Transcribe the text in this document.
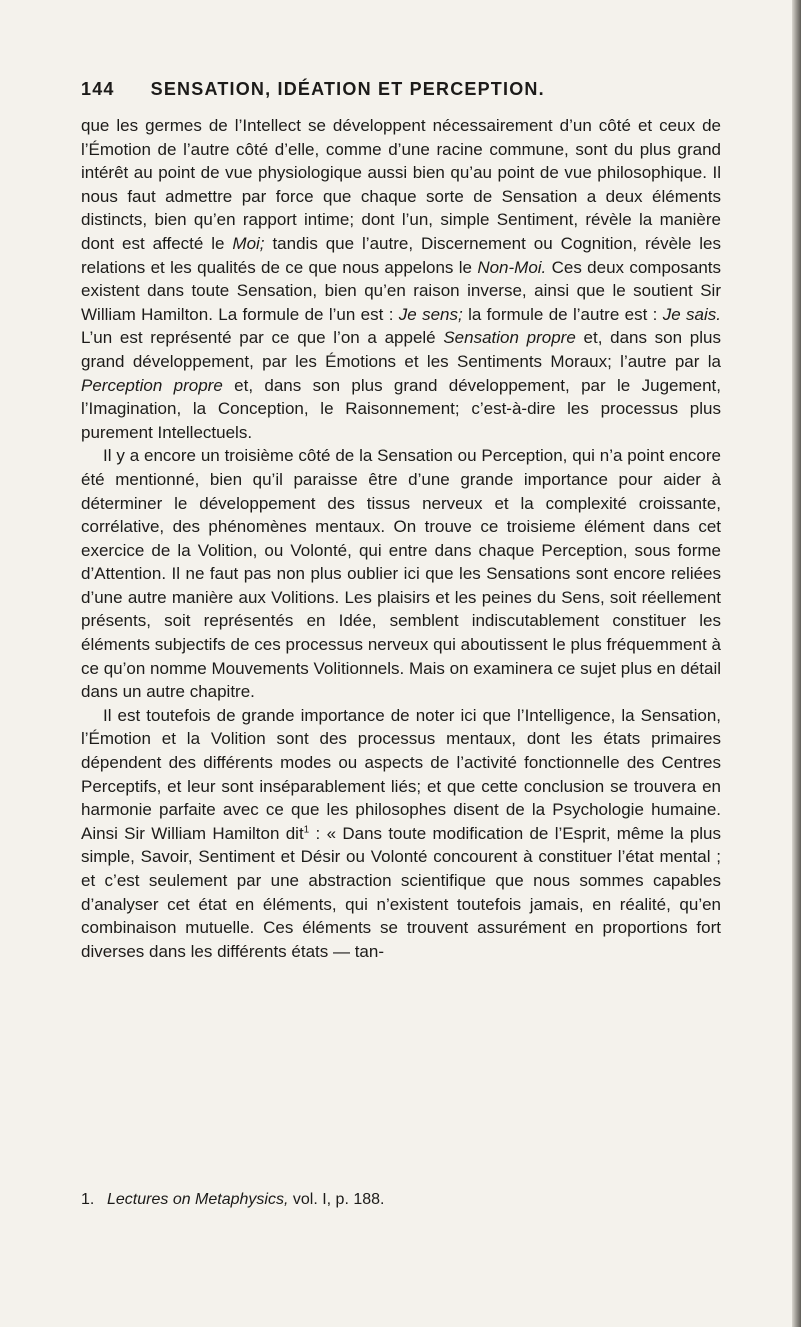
144 SENSATION, IDÉATION ET PERCEPTION.

que les germes de l’Intellect se développent nécessairement d’un côté et ceux de l’Émotion de l’autre côté d’elle, comme d’une racine commune, sont du plus grand intérêt au point de vue physiologique aussi bien qu’au point de vue philosophique. Il nous faut admettre par force que chaque sorte de Sensation a deux éléments distincts, bien qu’en rapport intime; dont l’un, simple Sentiment, révèle la manière dont est affecté le Moi; tandis que l’autre, Discernement ou Cognition, révèle les relations et les qualités de ce que nous appelons le Non-Moi. Ces deux composants existent dans toute Sensation, bien qu’en raison inverse, ainsi que le soutient Sir William Hamilton. La formule de l’un est : Je sens; la formule de l’autre est : Je sais. L’un est représenté par ce que l’on a appelé Sensation propre et, dans son plus grand développement, par les Émotions et les Sentiments Moraux; l’autre par la Perception propre et, dans son plus grand développement, par le Jugement, l’Imagination, la Conception, le Raisonnement; c’est-à-dire les processus plus purement Intellectuels.

Il y a encore un troisième côté de la Sensation ou Perception, qui n’a point encore été mentionné, bien qu’il paraisse être d’une grande importance pour aider à déterminer le développement des tissus nerveux et la complexité croissante, corrélative, des phénomènes mentaux. On trouve ce troisieme élément dans cet exercice de la Volition, ou Volonté, qui entre dans chaque Perception, sous forme d’Attention. Il ne faut pas non plus oublier ici que les Sensations sont encore reliées d’une autre manière aux Volitions. Les plaisirs et les peines du Sens, soit réellement présents, soit représentés en Idée, semblent indiscutablement constituer les éléments subjectifs de ces processus nerveux qui aboutissent le plus fréquemment à ce qu’on nomme Mouvements Volitionnels. Mais on examinera ce sujet plus en détail dans un autre chapitre.

Il est toutefois de grande importance de noter ici que l’Intelligence, la Sensation, l’Émotion et la Volition sont des processus mentaux, dont les états primaires dépendent des différents modes ou aspects de l’activité fonctionnelle des Centres Perceptifs, et leur sont inséparablement liés; et que cette conclusion se trouvera en harmonie parfaite avec ce que les philosophes disent de la Psychologie humaine. Ainsi Sir William Hamilton dit$^1$ : « Dans toute modification de l’Esprit, même la plus simple, Savoir, Sentiment et Désir ou Volonté concourent à constituer l’état mental ; et c’est seulement par une abstraction scientifique que nous sommes capables d’analyser cet état en éléments, qui n’existent toutefois jamais, en réalité, qu’en combinaison mutuelle. Ces éléments se trouvent assurément en proportions fort diverses dans les différents états — tan-

1. Lectures on Metaphysics, vol. I, p. 188.
